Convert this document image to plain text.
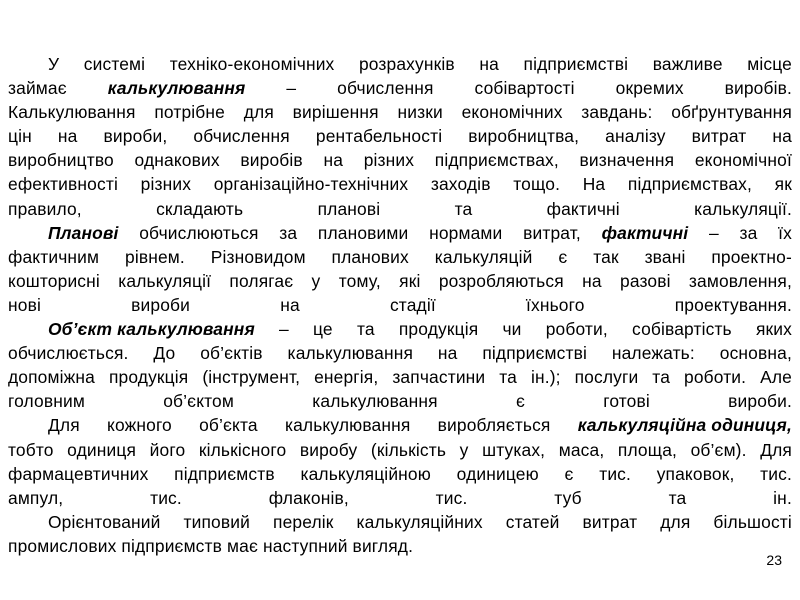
У системі техніко-економічних розрахунків на підприємстві важливе місце
займає калькулювання – обчислення собівартості окремих виробів.
Калькулювання потрібне для вирішення низки економічних завдань: обґрунтування
цін на вироби, обчислення рентабельності виробництва, аналізу витрат на
виробництво однакових виробів на різних підприємствах, визначення економічної
ефективності різних організаційно-технічних заходів тощо. На підприємствах, як
правило,	складають	планові	та	фактичні	калькуляції.
Планові обчислюються за плановими нормами витрат, фактичні – за їх
фактичним рівнем. Різновидом планових калькуляцій є так звані проектно-
кошторисні калькуляції полягає у тому, які розробляються на разові замовлення,
нові	вироби	на	стадії	їхнього	проектування.
Об’єкт калькулювання – це та продукція чи роботи, собівартість яких
обчислюється. До об’єктів калькулювання на підприємстві належать: основна,
допоміжна продукція (інструмент, енергія, запчастини та ін.); послуги та роботи. Але
головним	об’єктом	калькулювання	є	готові	вироби.
Для кожного об’єкта калькулювання виробляється калькуляційна одиниця,
тобто одиниця його кількісного виробу (кількість у штуках, маса, площа, об’єм). Для
фармацевтичних підприємств калькуляційною одиницею є тис. упаковок, тис.
ампул,	тис.	флаконів,	тис.	туб	та	ін.
Орієнтований типовий перелік калькуляційних статей витрат для більшості
промислових підприємств має наступний вигляд.
23
